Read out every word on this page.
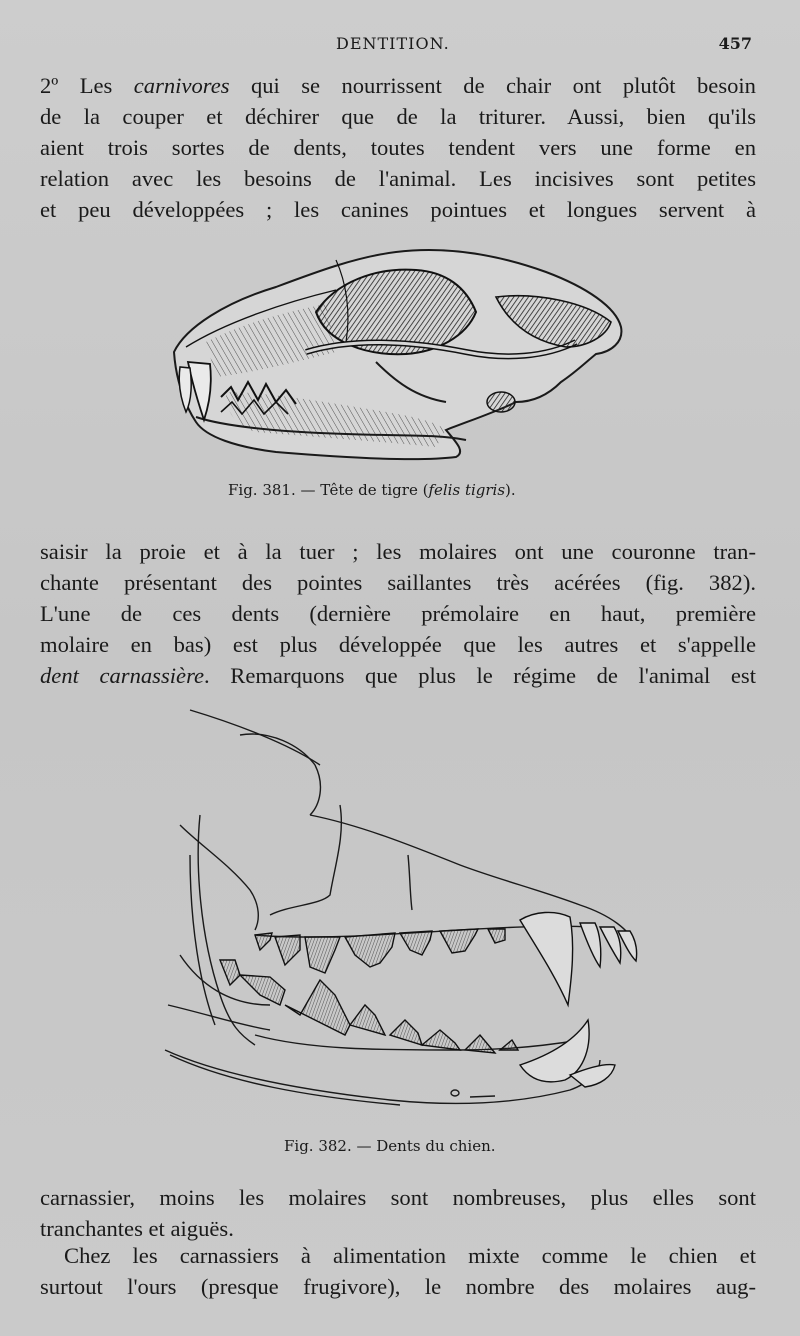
DENTITION.	457

2º Les carnivores qui se nourrissent de chair ont plutôt besoin
de la couper et déchirer que de la triturer. Aussi, bien qu'ils
aient trois sortes de dents, toutes tendent vers une forme en
relation avec les besoins de l'animal. Les incisives sont petites
et peu développées ; les canines pointues et longues servent à

Fig. 381. — Tête de tigre (felis tigris).

saisir la proie et à la tuer ; les molaires ont une couronne tran-
chante présentant des pointes saillantes très acérées (fig. 382).
L'une de ces dents (dernière prémolaire en haut, première
molaire en bas) est plus développée que les autres et s'appelle
dent carnassière. Remarquons que plus le régime de l'animal est

Fig. 382. — Dents du chien.

carnassier, moins les molaires sont nombreuses, plus elles sont
tranchantes et aiguës.

Chez les carnassiers à alimentation mixte comme le chien et
surtout l'ours (presque frugivore), le nombre des molaires aug-
